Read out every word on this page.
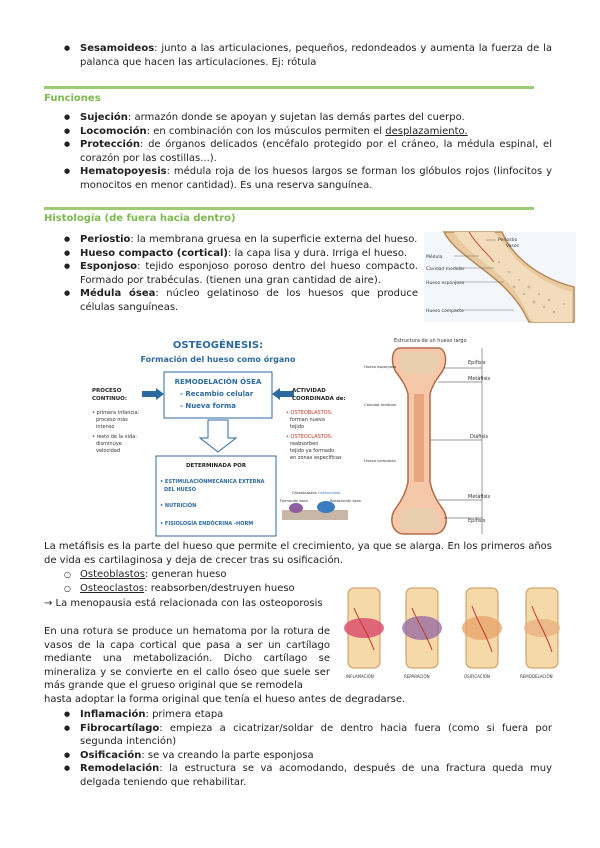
● Sesamoideos: junto a las articulaciones, pequeños, redondeados y aumenta la fuerza de la palanca que hacen las articulaciones. Ej: rótula
Funciones
● Sujeción: armazón donde se apoyan y sujetan las demás partes del cuerpo.
● Locomoción: en combinación con los músculos permiten el desplazamiento.
● Protección: de órganos delicados (encéfalo protegido por el cráneo, la médula espinal, el corazón por las costillas...).
● Hematopoyesis: médula roja de los huesos largos se forman los glóbulos rojos (linfocitos y monocitos en menor cantidad). Es una reserva sanguínea.
Histología (de fuera hacia dentro)
● Periostio: la membrana gruesa en la superficie externa del hueso.
● Hueso compacto (cortical): la capa lisa y dura. Irriga el hueso.
● Esponjoso: tejido esponjoso poroso dentro del hueso compacto. Formado por trabéculas. (tienen una gran cantidad de aire).
● Médula ósea: núcleo gelatinoso de los huesos que produce células sanguíneas.
Periostio
Vasos
Médula
Cavidad medular
Hueso esponjoso
Hueso compacto
OSTEOGÉNESIS:
Formación del hueso como órgano
REMODELACIÓN ÓSEA
- Recambio celular
- Nueva forma
PROCESO
CONTINUO:
• primera infancia:
proceso más
intenso
• resto de la vida:
disminuye
velocidad
ACTIVIDAD
COORDINADA de:
• OSTEOBLASTOS:
forman nuevo
tejido
• OSTEOCLASTOS:
reabsorben
tejido ya formado
en zonas específicas
DETERMINADA POR
• ESTIMULACIÓNMECÁNICA EXTERNA
DEL HUESO
• NUTRICIÓN
• FISIOLOGÍA ENDÓCRINA -HORM
Osteoblastos Osteoclasto
Formación ósea	Reabsorción ósea
Estructura de un hueso largo
Epífisis
Metáfisis
Diáfisis
Metáfisis
Epífisis
Hueso esponjoso
Cavidad medular
Hueso compacto

La metáfisis es la parte del hueso que permite el crecimiento, ya que se alarga. En los primeros años de vida es cartilaginosa y deja de crecer tras su osificación.

○ Osteoblastos: generan hueso
○ Osteoclastos: reabsorben/destruyen hueso
→ La menopausia está relacionada con las osteoporosis

En una rotura se produce un hematoma por la rotura de vasos de la capa cortical que pasa a ser un cartílago mediante una metabolización. Dicho cartílago se mineraliza y se convierte en el callo óseo que suele ser más grande que el grueso original que se remodela

hasta adoptar la forma original que tenía el hueso antes de degradarse.

INFLAMACIÓN	REPARACIÓN	OSIFICACIÓN	REMODELACIÓN
● Inflamación: primera etapa
● Fibrocartílago: empieza a cicatrizar/soldar de dentro hacia fuera (como si fuera por segunda intención)
● Osificación: se va creando la parte esponjosa
● Remodelación: la estructura se va acomodando, después de una fractura queda muy delgada teniendo que rehabilitar.
